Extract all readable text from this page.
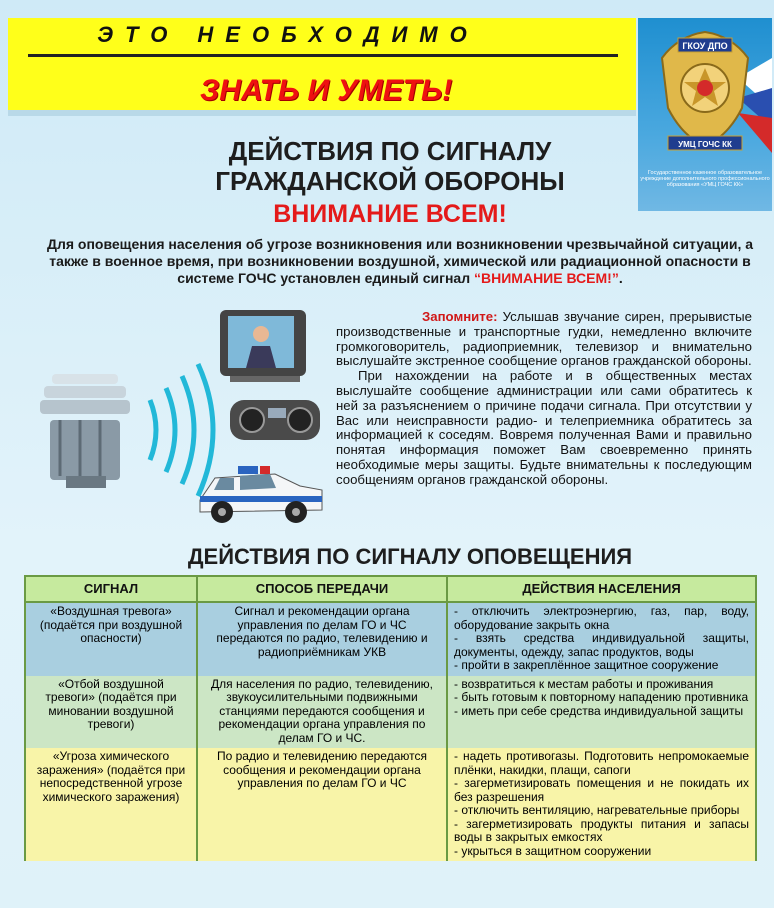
ЭТО НЕОБХОДИМО
ЗНАТЬ И УМЕТЬ!
ГКОУ ДПО
УМЦ ГОЧС КК
Государственное казенное образовательное учреждение дополнительного профессионального образования «УМЦ ГОЧС КК»
ДЕЙСТВИЯ ПО СИГНАЛУ
ГРАЖДАНСКОЙ ОБОРОНЫ
ВНИМАНИЕ ВСЕМ!
Для оповещения населения об угрозе возникновения или возникновении чрезвычайной ситуации, а также в военное время, при возникновении воздушной, химической или радиационной опасности в системе ГОЧС установлен единый сигнал “ВНИМАНИЕ ВСЕМ!”.

Запомните: Услышав звучание сирен, прерывистые производственные и транспортные гудки, немедленно включите громкоговоритель, радиоприемник, телевизор и внимательно выслушайте экстренное сообщение органов гражданской обороны.

При нахождении на работе и в общественных местах выслушайте сообщение администрации или сами обратитесь к ней за разъяснением о причине подачи сигнала. При отсутствии у Вас или неисправности радио- и телеприемника обратитесь за информацией к соседям. Вовремя полученная Вами и правильно понятая информация поможет Вам своевременно принять необходимые меры защиты. Будьте внимательны к последующим сообщениям органов гражданской обороны.

ДЕЙСТВИЯ ПО СИГНАЛУ ОПОВЕЩЕНИЯ
СИГНАЛ	СПОСОБ ПЕРЕДАЧИ	ДЕЙСТВИЯ НАСЕЛЕНИЯ
«Воздушная тревога» (подаётся при воздушной опасности)	Сигнал и рекомендации органа управления по делам ГО и ЧС передаются по радио, телевидению и радиоприёмникам УКВ	- отключить электроэнергию, газ, пар, воду, оборудование закрыть окна
- взять средства индивидуальной защиты, документы, одежду, запас продуктов, воды
- пройти в закреплённое защитное сооружение

«Отбой воздушной тревоги» (подаётся при миновании воздушной тревоги)	Для населения по радио, телевидению, звукоусилительными подвижными станциями передаются сообщения и рекомендации органа управления по делам ГО и ЧС.	- возвратиться к местам работы и проживания
- быть готовым к повторному нападению противника
- иметь при себе средства индивидуальной защиты

«Угроза химического заражения» (подаётся при непосредственной угрозе химического заражения)	По радио и телевидению передаются сообщения и рекомендации органа управления по делам ГО и ЧС	- надеть противогазы. Подготовить непромокаемые плёнки, накидки, плащи, сапоги
- загерметизировать помещения и не покидать их без разрешения
- отключить вентиляцию, нагревательные приборы
- загерметизировать продукты питания и запасы воды в закрытых емкостях
- укрыться в защитном сооружении
